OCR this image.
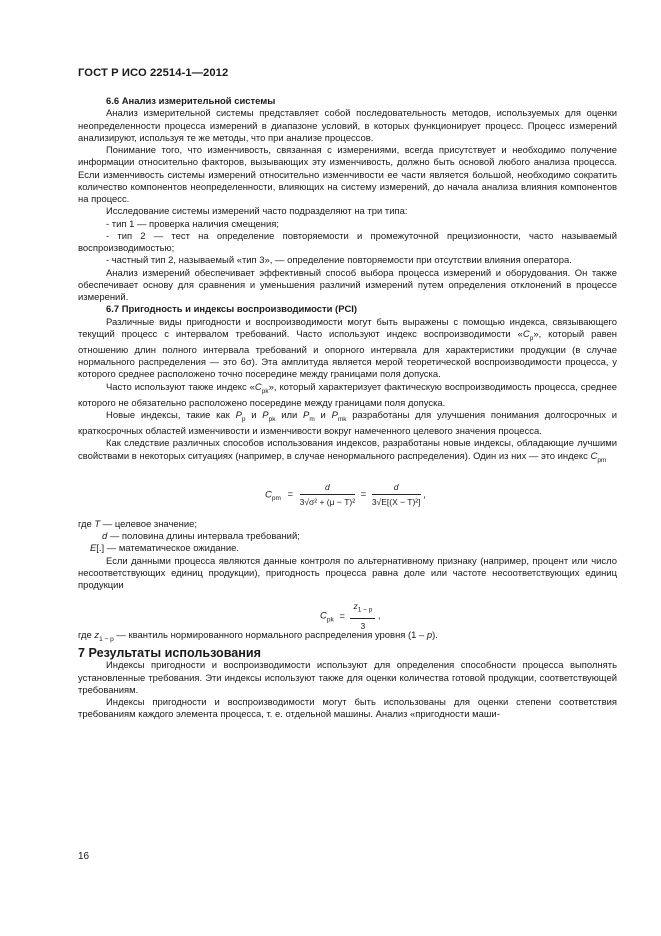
ГОСТ Р ИСО 22514-1—2012

6.6 Анализ измерительной системы

Анализ измерительной системы представляет собой последовательность методов, используемых для оценки неопределенности процесса измерений в диапазоне условий, в которых функционирует процесс. Процесс измерений анализируют, используя те же методы, что при анализе процессов.

Понимание того, что изменчивость, связанная с измерениями, всегда присутствует и необходимо получение информации относительно факторов, вызывающих эту изменчивость, должно быть основой любого анализа процесса. Если изменчивость системы измерений относительно изменчивости ее части является большой, необходимо сократить количество компонентов неопределенности, влияющих на систему измерений, до начала анализа влияния компонентов на процесс.

Исследование системы измерений часто подразделяют на три типа:

- тип 1 — проверка наличия смещения;

- тип 2 — тест на определение повторяемости и промежуточной прецизионности, часто называемый воспроизводимостью;

- частный тип 2, называемый «тип 3», — определение повторяемости при отсутствии влияния оператора.

Анализ измерений обеспечивает эффективный способ выбора процесса измерений и оборудования. Он также обеспечивает основу для сравнения и уменьшения различий измерений путем определения отклонений в процессе измерений.

6.7 Пригодность и индексы воспроизводимости (PCI)

Различные виды пригодности и воспроизводимости могут быть выражены с помощью индекса, связывающего текущий процесс с интервалом требований. Часто используют индекс воспроизводимости «$C_p$», который равен отношению длин полного интервала требований и опорного интервала для характеристики продукции (в случае нормального распределения — это 6σ). Эта амплитуда является мерой теоретической воспроизводимости процесса, у которого среднее расположено точно посередине между границами поля допуска.

Часто используют также индекс «$C_{pk}$», который характеризует фактическую воспроизводимость процесса, среднее которого не обязательно расположено посередине между границами поля допуска.

Новые индексы, такие как $P_p$ и $P_{pk}$ или $P_m$ и $P_{mk}$ разработаны для улучшения понимания долгосрочных и краткосрочных областей изменчивости и изменчивости вокруг намеченного целевого значения процесса.

Как следствие различных способов использования индексов, разработаны новые индексы, обладающие лучшими свойствами в некоторых ситуациях (например, в случае ненормального распределения). Один из них — это индекс $C_{pm}$

$C_{pm} = \frac{d}{\text{3√σ² + (μ − T)²}} = \frac{d}{\text{3√E[(X − T)²]}}$ ,

где T — целевое значение;

d — половина длины интервала требований;

E[.] — математическое ожидание.

Если данными процесса являются данные контроля по альтернативному признаку (например, процент или число несоответствующих единиц продукции), пригодность процесса равна доле или частоте несоответствующих единиц продукции

$C_{pk} = \frac{z_{1 - p}}{3}$ ,

где $z_{1 - p}$ — квантиль нормированного нормального распределения уровня (1 – p).

7 Результаты использования

Индексы пригодности и воспроизводимости используют для определения способности процесса выполнять установленные требования. Эти индексы используют также для оценки количества готовой продукции, соответствующей требованиям.

Индексы пригодности и воспроизводимости могут быть использованы для оценки степени соответствия требованиям каждого элемента процесса, т. е. отдельной машины. Анализ «пригодности маши-

16
